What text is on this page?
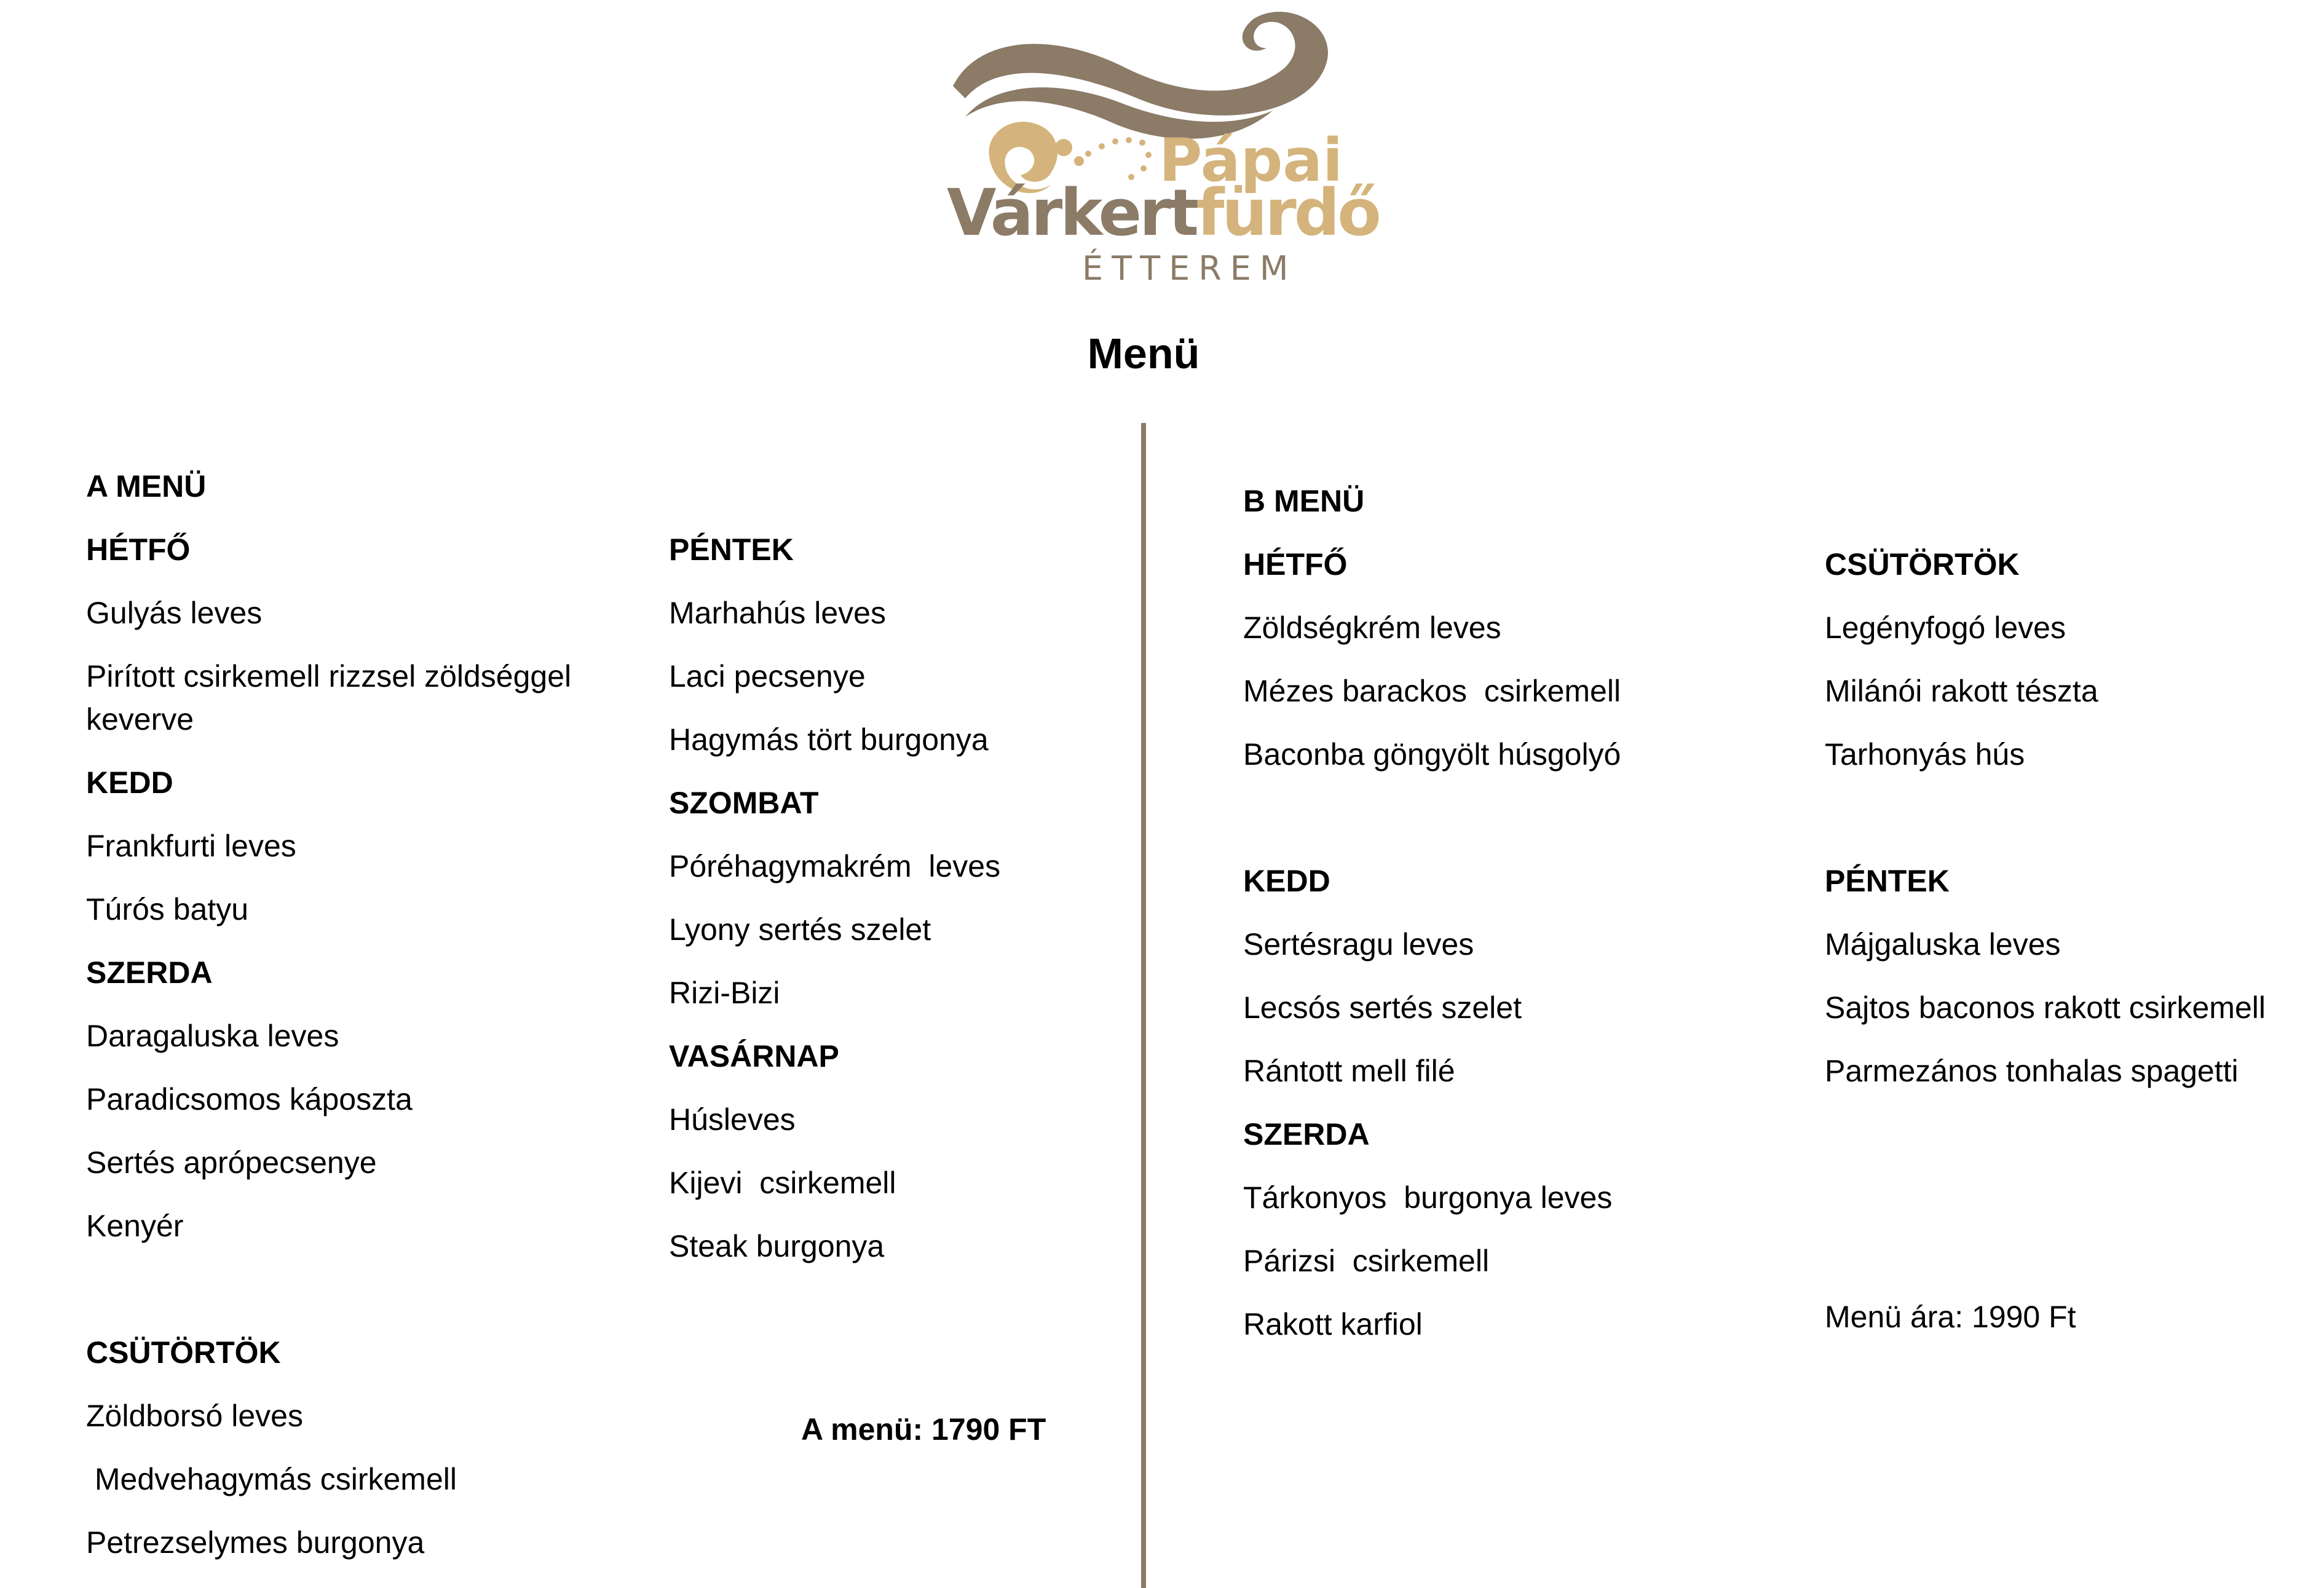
Pápai
Várkertfürdő
ÉTTEREM
Menü
A MENÜ
HÉTFŐ
Gulyás leves
Pirított csirkemell rizzsel zöldséggel keverve
KEDD
Frankfurti leves
Túrós batyu
SZERDA
Daragaluska leves
Paradicsomos káposzta
Sertés aprópecsenye
Kenyér
CSÜTÖRTÖK
Zöldborsó leves
Medvehagymás csirkemell
Petrezselymes burgonya
PÉNTEK
Marhahús leves
Laci pecsenye
Hagymás tört burgonya
SZOMBAT
Póréhagymakrém  leves
Lyony sertés szelet
Rizi-Bizi
VASÁRNAP
Húsleves
Kijevi  csirkemell
Steak burgonya
A menü: 1790 FT
B MENÜ
HÉTFŐ
Zöldségkrém leves
Mézes barackos  csirkemell
Baconba göngyölt húsgolyó
KEDD
Sertésragu leves
Lecsós sertés szelet
Rántott mell filé
SZERDA
Tárkonyos  burgonya leves
Párizsi  csirkemell
Rakott karfiol
CSÜTÖRTÖK
Legényfogó leves
Milánói rakott tészta
Tarhonyás hús
PÉNTEK
Májgaluska leves
Sajtos baconos rakott csirkemell
Parmezános tonhalas spagetti
Menü ára: 1990 Ft
